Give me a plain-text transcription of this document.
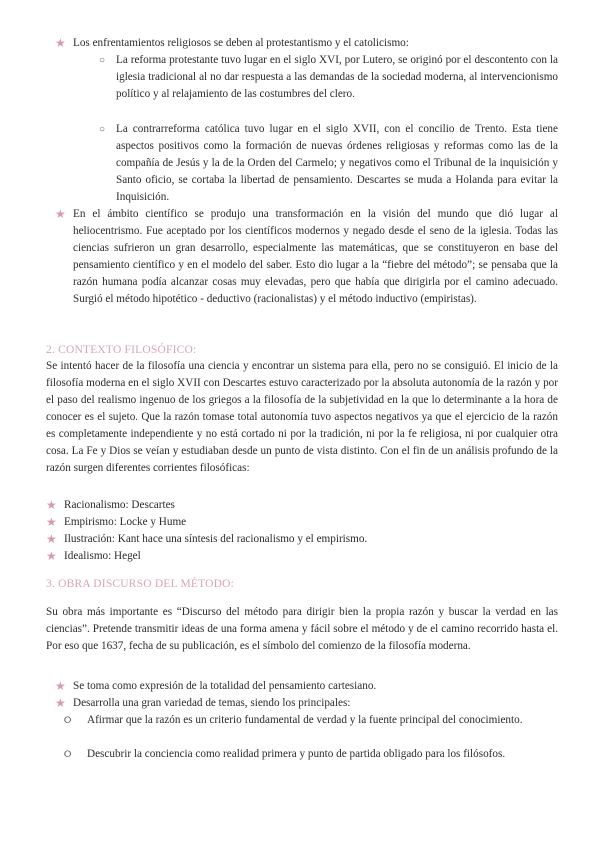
★ Los enfrentamientos religiosos se deben al protestantismo y el catolicismo:

○ La reforma protestante tuvo lugar en el siglo XVI, por Lutero, se originó por el descontento con la iglesia tradicional al no dar respuesta a las demandas de la sociedad moderna, al intervencionismo político y al relajamiento de las costumbres del clero.

○ La contrarreforma católica tuvo lugar en el siglo XVII, con el concilio de Trento. Esta tiene aspectos positivos como la formación de nuevas órdenes religiosas y reformas como las de la compañía de Jesús y la de la Orden del Carmelo; y negativos como el Tribunal de la inquisición y Santo oficio, se cortaba la libertad de pensamiento. Descartes se muda a Holanda para evitar la Inquisición.

★ En el ámbito científico se produjo una transformación en la visión del mundo que dió lugar al heliocentrismo. Fue aceptado por los científicos modernos y negado desde el seno de la iglesia. Todas las ciencias sufrieron un gran desarrollo, especialmente las matemáticas, que se constituyeron en base del pensamiento científico y en el modelo del saber. Esto dio lugar a la “fiebre del método”; se pensaba que la razón humana podía alcanzar cosas muy elevadas, pero que había que dirigirla por el camino adecuado. Surgió el método hipotético - deductivo (racionalistas) y el método inductivo (empiristas).

2. CONTEXTO FILOSÓFICO:

Se intentó hacer de la filosofía una ciencia y encontrar un sistema para ella, pero no se consiguió. El inicio de la filosofía moderna en el siglo XVII con Descartes estuvo caracterizado por la absoluta autonomía de la razón y por el paso del realismo ingenuo de los griegos a la filosofía de la subjetividad en la que lo determinante a la hora de conocer es el sujeto. Que la razón tomase total autonomía tuvo aspectos negativos ya que el ejercicio de la razón es completamente independiente y no está cortado ni por la tradición, ni por la fe religiosa, ni por cualquier otra cosa. La Fe y Dios se veían y estudiaban desde un punto de vista distinto. Con el fin de un análisis profundo de la razón surgen diferentes corrientes filosóficas:

★ Racionalismo: Descartes

★ Empirismo: Locke y Hume

★ Ilustración: Kant hace una síntesis del racionalismo y el empirismo.

★ Idealismo: Hegel

3. OBRA DISCURSO DEL MÉTODO:

Su obra más importante es “Discurso del método para dirigir bien la propia razón y buscar la verdad en las ciencias”. Pretende transmitir ideas de una forma amena y fácil sobre el método y de el camino recorrido hasta el. Por eso que 1637, fecha de su publicación, es el símbolo del comienzo de la filosofía moderna.

★ Se toma como expresión de la totalidad del pensamiento cartesiano.

★ Desarrolla una gran variedad de temas, siendo los principales:

⭘ Afirmar que la razón es un criterio fundamental de verdad y la fuente principal del conocimiento.

⭘ Descubrir la conciencia como realidad primera y punto de partida obligado para los filósofos.
